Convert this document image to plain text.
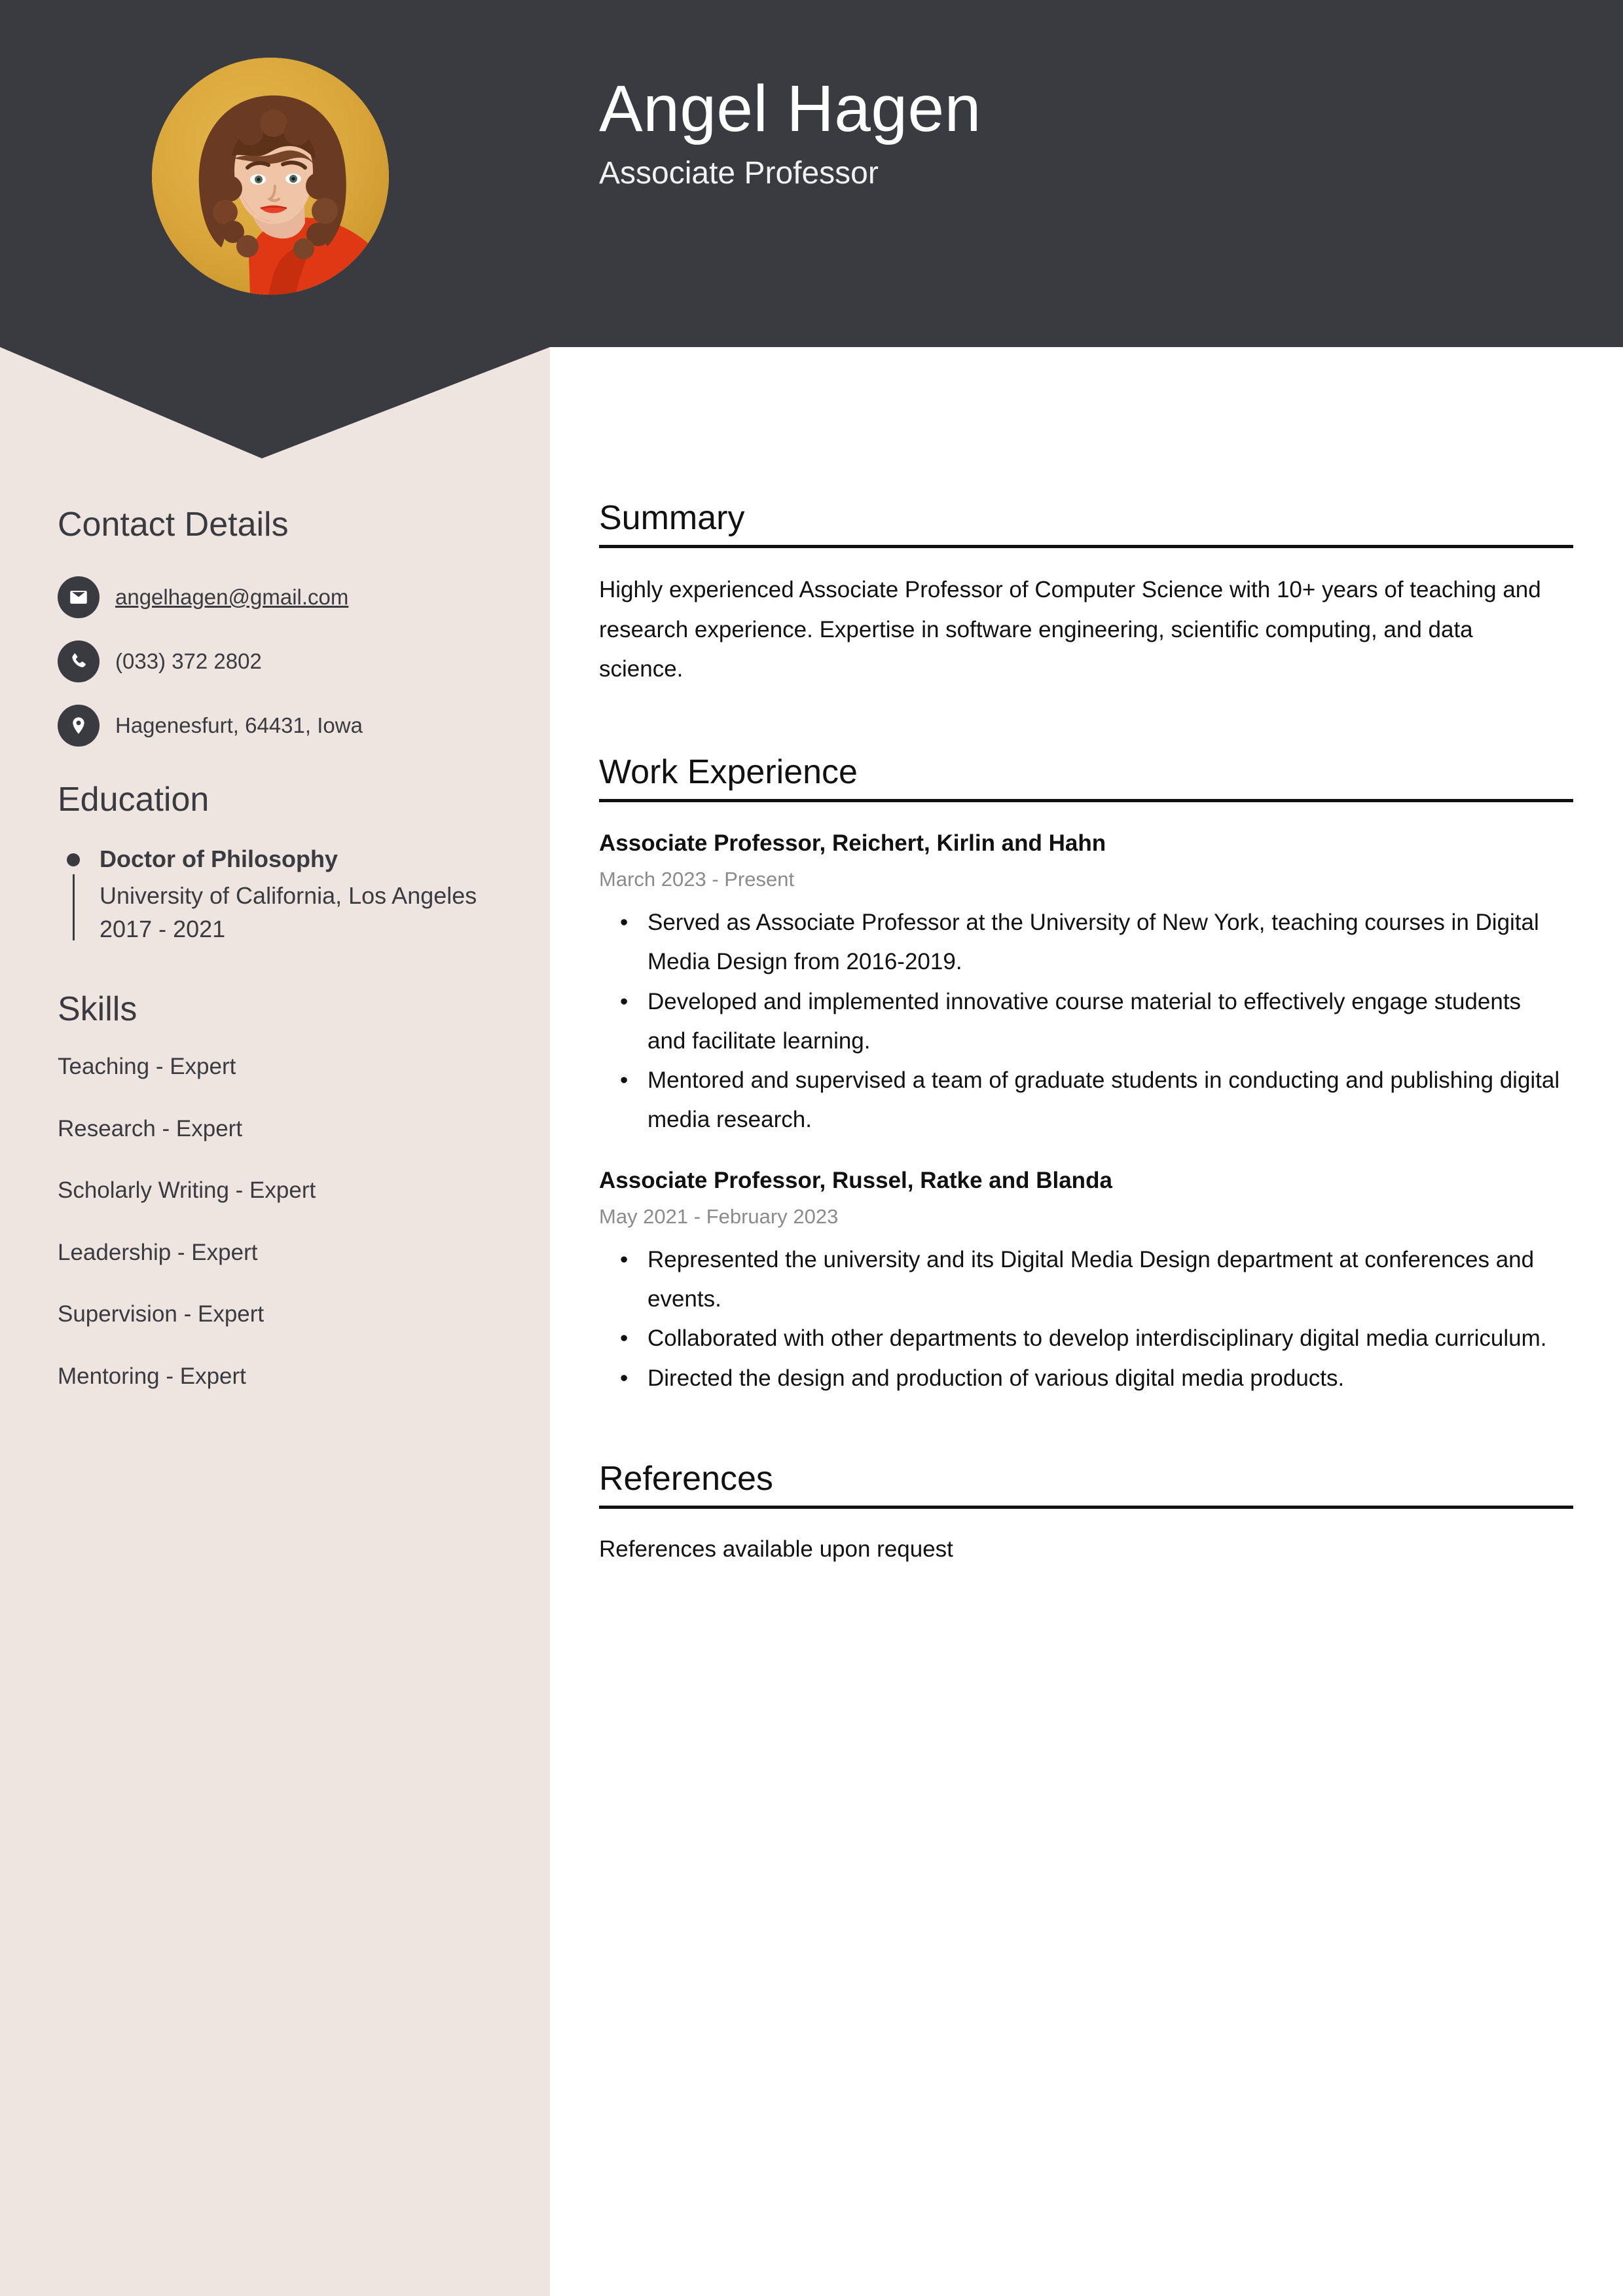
Angel Hagen
Associate Professor
Contact Details
angelhagen@gmail.com
(033) 372 2802
Hagenesfurt, 64431, Iowa
Education
Doctor of Philosophy
University of California, Los Angeles
2017 - 2021
Skills
Teaching - Expert
Research - Expert
Scholarly Writing - Expert
Leadership - Expert
Supervision - Expert
Mentoring - Expert
Summary
Highly experienced Associate Professor of Computer Science with 10+ years of teaching and research experience. Expertise in software engineering, scientific computing, and data science.
Work Experience
Associate Professor, Reichert, Kirlin and Hahn
March 2023 - Present
• Served as Associate Professor at the University of New York, teaching courses in Digital Media Design from 2016-2019.
• Developed and implemented innovative course material to effectively engage students and facilitate learning.
• Mentored and supervised a team of graduate students in conducting and publishing digital media research.
Associate Professor, Russel, Ratke and Blanda
May 2021 - February 2023
• Represented the university and its Digital Media Design department at conferences and events.
• Collaborated with other departments to develop interdisciplinary digital media curriculum.
• Directed the design and production of various digital media products.
References
References available upon request
